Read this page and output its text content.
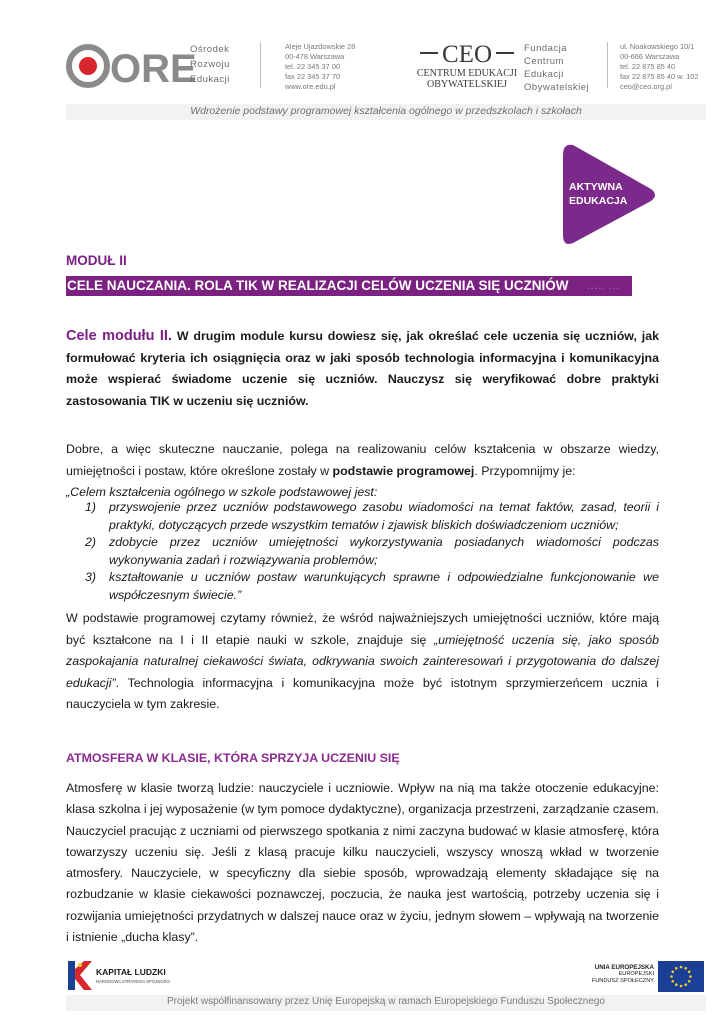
ORE
Ośrodek
Rozwoju
Edukacji
Aleje Ujazdowskie 28
00-478 Warszawa
tel. 22 345 37 00
fax 22 345 37 70
www.ore.edu.pl
CEO
CENTRUM EDUKACJI
OBYWATELSKIEJ
Fundacja
Centrum
Edukacji
Obywatelskiej
ul. Noakowskiego 10/1
00-666 Warszawa
tel. 22 875 85 40
fax 22 875 85 40 w. 102
ceo@ceo.org.pl
Wdrożenie podstawy programowej kształcenia ogólnego w przedszkolach i szkołach
AKTYWNA
EDUKACJA
MODUŁ II
CELE NAUCZANIA. ROLA TIK W REALIZACJI CELÓW UCZENIA SIĘ UCZNIÓW ….. …
Cele modułu II. W drugim module kursu dowiesz się, jak określać cele uczenia się uczniów, jak formułować kryteria ich osiągnięcia oraz w jaki sposób technologia informacyjna i komunikacyjna może wspierać świadome uczenie się uczniów. Nauczysz się weryfikować dobre praktyki zastosowania TIK w uczeniu się uczniów.
Dobre, a więc skuteczne nauczanie, polega na realizowaniu celów kształcenia w obszarze wiedzy, umiejętności i postaw, które określone zostały w podstawie programowej. Przypomnijmy je:
„Celem kształcenia ogólnego w szkole podstawowej jest:
1) przyswojenie przez uczniów podstawowego zasobu wiadomości na temat faktów, zasad, teorii i praktyki, dotyczących przede wszystkim tematów i zjawisk bliskich doświadczeniom uczniów;
2) zdobycie przez uczniów umiejętności wykorzystywania posiadanych wiadomości podczas wykonywania zadań i rozwiązywania problemów;
3) kształtowanie u uczniów postaw warunkujących sprawne i odpowiedzialne funkcjonowanie we współczesnym świecie.”
W podstawie programowej czytamy również, że wśród najważniejszych umiejętności uczniów, które mają być kształcone na I i II etapie nauki w szkole, znajduje się „umiejętność uczenia się, jako sposób zaspokajania naturalnej ciekawości świata, odkrywania swoich zainteresowań i przygotowania do dalszej edukacji”. Technologia informacyjna i komunikacyjna może być istotnym sprzymierzeńcem ucznia i nauczyciela w tym zakresie.
ATMOSFERA W KLASIE, KTÓRA SPRZYJA UCZENIU SIĘ
Atmosferę w klasie tworzą ludzie: nauczyciele i uczniowie. Wpływ na nią ma także otoczenie edukacyjne: klasa szkolna i jej wyposażenie (w tym pomoce dydaktyczne), organizacja przestrzeni, zarządzanie czasem. Nauczyciel pracując z uczniami od pierwszego spotkania z nimi zaczyna budować w klasie atmosferę, która towarzyszy uczeniu się. Jeśli z klasą pracuje kilku nauczycieli, wszyscy wnoszą wkład w tworzenie atmosfery. Nauczyciele, w specyficzny dla siebie sposób, wprowadzają elementy składające się na rozbudzanie w klasie ciekawości poznawczej, poczucia, że nauka jest wartością, potrzeby uczenia się i rozwijania umiejętności przydatnych w dalszej nauce oraz w życiu, jednym słowem – wpływają na tworzenie i istnienie „ducha klasy”.
KAPITAŁ LUDZKI
NARODOWA STRATEGIA SPÓJNOŚCI
UNIA EUROPEJSKA
EUROPEJSKI
FUNDUSZ SPOŁECZNY
Projekt współfinansowany przez Unię Europejską w ramach Europejskiego Funduszu Społecznego
